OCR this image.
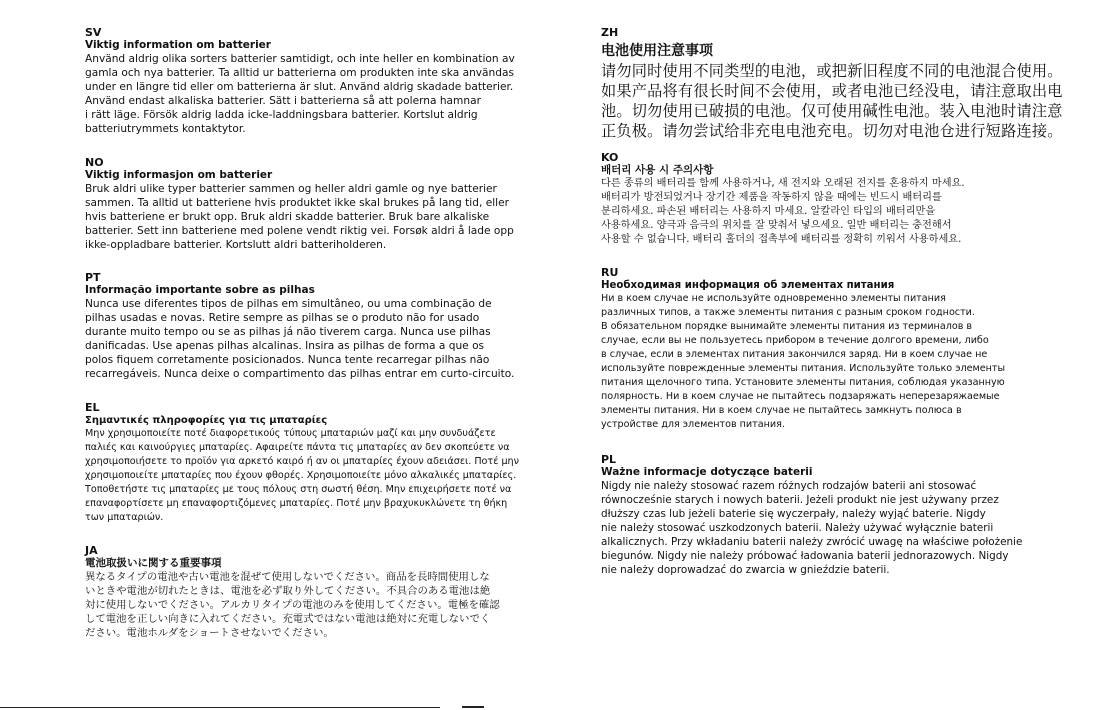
SV

Viktig information om batterier

Använd aldrig olika sorters batterier samtidigt, och inte heller en kombination av
gamla och nya batterier. Ta alltid ur batterierna om produkten inte ska användas
under en längre tid eller om batterierna är slut. Använd aldrig skadade batterier.
Använd endast alkaliska batterier. Sätt i batterierna så att polerna hamnar
i rätt läge. Försök aldrig ladda icke-laddningsbara batterier. Kortslut aldrig
batteriutrymmets kontaktytor.

NO

Viktig informasjon om batterier

Bruk aldri ulike typer batterier sammen og heller aldri gamle og nye batterier
sammen. Ta alltid ut batteriene hvis produktet ikke skal brukes på lang tid, eller
hvis batteriene er brukt opp. Bruk aldri skadde batterier. Bruk bare alkaliske
batterier. Sett inn batteriene med polene vendt riktig vei. Forsøk aldri å lade opp
ikke-oppladbare batterier. Kortslutt aldri batteriholderen.

PT

Informação importante sobre as pilhas

Nunca use diferentes tipos de pilhas em simultâneo, ou uma combinação de
pilhas usadas e novas. Retire sempre as pilhas se o produto não for usado
durante muito tempo ou se as pilhas já não tiverem carga. Nunca use pilhas
danificadas. Use apenas pilhas alcalinas. Insira as pilhas de forma a que os
polos fiquem corretamente posicionados. Nunca tente recarregar pilhas não
recarregáveis. Nunca deixe o compartimento das pilhas entrar em curto-circuito.

EL

Σημαντικές πληροφορίες για τις μπαταρίες

Μην χρησιμοποιείτε ποτέ διαφορετικούς τύπους μπαταριών μαζί και μην συνδυάζετε
παλιές και καινούργιες μπαταρίες. Αφαιρείτε πάντα τις μπαταρίες αν δεν σκοπεύετε να
χρησιμοποιήσετε το προϊόν για αρκετό καιρό ή αν οι μπαταρίες έχουν αδειάσει. Ποτέ μην
χρησιμοποιείτε μπαταρίες που έχουν φθορές. Χρησιμοποιείτε μόνο αλκαλικές μπαταρίες.
Τοποθετήστε τις μπαταρίες με τους πόλους στη σωστή θέση. Μην επιχειρήσετε ποτέ να
επαναφορτίσετε μη επαναφορτιζόμενες μπαταρίες. Ποτέ μην βραχυκυκλώνετε τη θήκη
των μπαταριών.

JA

電池取扱いに関する重要事項

異なるタイプの電池や古い電池を混ぜて使用しないでください。商品を長時間使用しな
いときや電池が切れたときは、電池を必ず取り外してください。不具合のある電池は絶
対に使用しないでください。アルカリタイプの電池のみを使用してください。電極を確認
して電池を正しい向きに入れてください。充電式ではない電池は絶対に充電しないでく
ださい。電池ホルダをショートさせないでください。

ZH

电池使用注意事项

请勿同时使用不同类型的电池，或把新旧程度不同的电池混合使用。
如果产品将有很长时间不会使用，或者电池已经没电，请注意取出电
池。切勿使用已破损的电池。仅可使用碱性电池。装入电池时请注意
正负极。请勿尝试给非充电电池充电。切勿对电池仓进行短路连接。

KO

배터리 사용 시 주의사항

다른 종류의 배터리를 함께 사용하거나, 새 전지와 오래된 전지를 혼용하지 마세요.
배터리가 방전되었거나 장기간 제품을 작동하지 않을 때에는 빈드시 배터리를
분리하세요. 파손된 배터리는 사용하지 마세요. 알칼라인 타입의 배터리만을
사용하세요. 양극과 음극의 위치를 잘 맞춰서 넣으세요. 일반 배터리는 충전해서
사용할 수 없습니다. 배터리 홀더의 접촉부에 배터리를 정확히 끼워서 사용하세요.

RU

Необходимая информация об элементах питания

Ни в коем случае не используйте одновременно элементы питания
различных типов, а также элементы питания с разным сроком годности.
В обязательном порядке вынимайте элементы питания из терминалов в
случае, если вы не пользуетесь прибором в течение долгого времени, либо
в случае, если в элементах питания закончился заряд. Ни в коем случае не
используйте поврежденные элементы питания. Используйте только элементы
питания щелочного типа. Установите элементы питания, соблюдая указанную
полярность. Ни в коем случае не пытайтесь подзаряжать неперезаряжаемые
элементы питания. Ни в коем случае не пытайтесь замкнуть полюса в
устройстве для элементов питания.

PL

Ważne informacje dotyczące baterii

Nigdy nie należy stosować razem różnych rodzajów baterii ani stosować
równocześnie starych i nowych baterii. Jeżeli produkt nie jest używany przez
dłuższy czas lub jeżeli baterie się wyczerpały, należy wyjąć baterie. Nigdy
nie należy stosować uszkodzonych baterii. Należy używać wyłącznie baterii
alkalicznych. Przy wkładaniu baterii należy zwrócić uwagę na właściwe położenie
biegunów. Nigdy nie należy próbować ładowania baterii jednorazowych. Nigdy
nie należy doprowadzać do zwarcia w gnieździe baterii.
